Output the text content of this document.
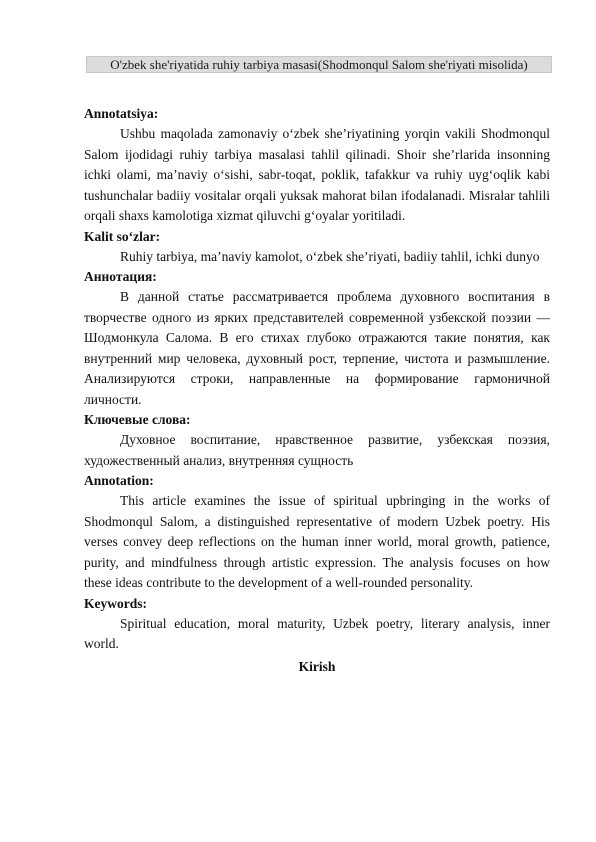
O'zbek she'riyatida ruhiy tarbiya masasi(Shodmonqul Salom she'riyati misolida)

Annotatsiya:

Ushbu maqolada zamonaviy o‘zbek she’riyatining yorqin vakili Shodmonqul Salom ijodidagi ruhiy tarbiya masalasi tahlil qilinadi. Shoir she’rlarida insonning ichki olami, ma’naviy o‘sishi, sabr-toqat, poklik, tafakkur va ruhiy uyg‘oqlik kabi tushunchalar badiiy vositalar orqali yuksak mahorat bilan ifodalanadi. Misralar tahlili orqali shaxs kamolotiga xizmat qiluvchi g‘oyalar yoritiladi.

Kalit so‘zlar:

Ruhiy tarbiya, ma’naviy kamolot, o‘zbek she’riyati, badiiy tahlil, ichki dunyo

Аннотация:

В данной статье рассматривается проблема духовного воспитания в творчестве одного из ярких представителей современной узбекской поэзии — Шодмонкула Салома. В его стихах глубоко отражаются такие понятия, как внутренний мир человека, духовный рост, терпение, чистота и размышление. Анализируются строки, направленные на формирование гармоничной личности.

Ключевые слова:

Духовное воспитание, нравственное развитие, узбекская поэзия, художественный анализ, внутренняя сущность

Annotation:

This article examines the issue of spiritual upbringing in the works of Shodmonqul Salom, a distinguished representative of modern Uzbek poetry. His verses convey deep reflections on the human inner world, moral growth, patience, purity, and mindfulness through artistic expression. The analysis focuses on how these ideas contribute to the development of a well-rounded personality.

Keywords:

Spiritual education, moral maturity, Uzbek poetry, literary analysis, inner world.

Kirish
